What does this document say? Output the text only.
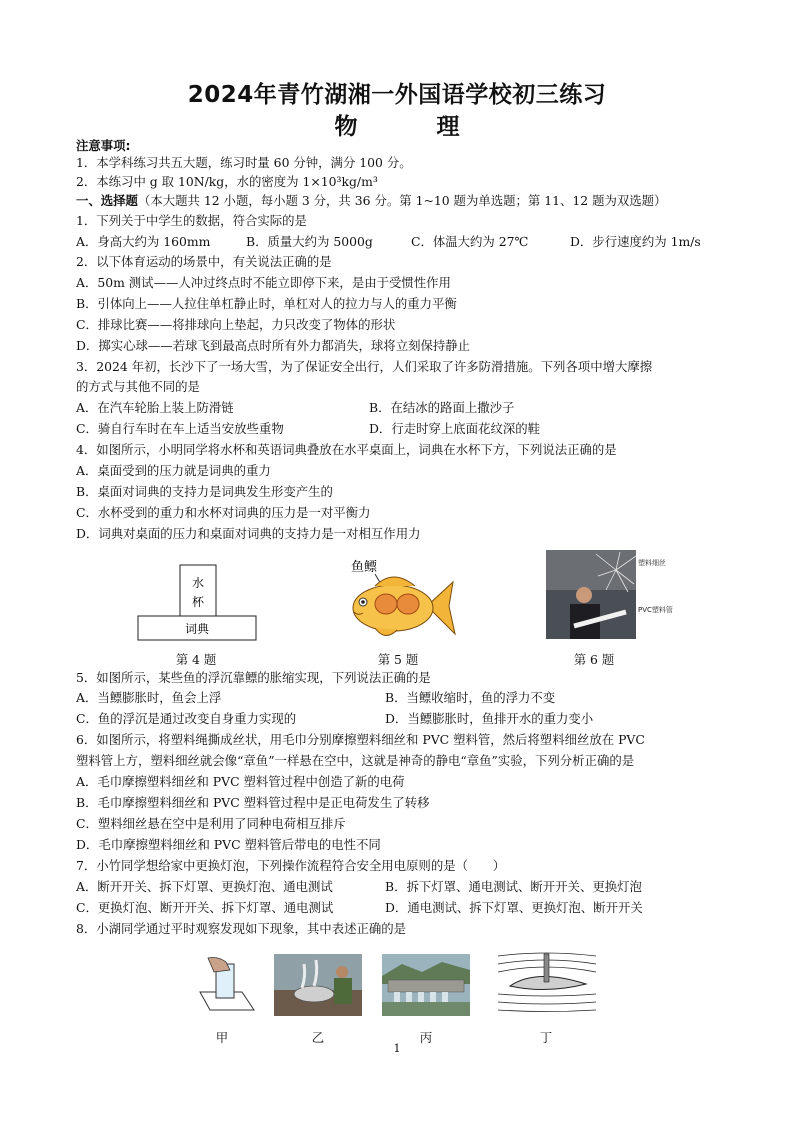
2024年青竹湖湘一外国语学校初三练习
物　理
注意事项:
1．本学科练习共五大题，练习时量 60 分钟，满分 100 分。
2．本练习中 g 取 10N/kg，水的密度为 1×10³kg/m³
一、选择题（本大题共 12 小题，每小题 3 分，共 36 分。第 1~10 题为单选题；第 11、12 题为双选题）
1．下列关于中学生的数据，符合实际的是
A．身高大约为 160mm	B．质量大约为 5000g	C．体温大约为 27℃	D．步行速度约为 1m/s
2．以下体育运动的场景中，有关说法正确的是
A．50m 测试——人冲过终点时不能立即停下来，是由于受惯性作用
B．引体向上——人拉住单杠静止时，单杠对人的拉力与人的重力平衡
C．排球比赛——将排球向上垫起，力只改变了物体的形状
D．掷实心球——若球飞到最高点时所有外力都消失，球将立刻保持静止
3．2024 年初，长沙下了一场大雪，为了保证安全出行，人们采取了许多防滑措施。下列各项中增大摩擦
的方式与其他不同的是
A．在汽车轮胎上装上防滑链	B．在结冰的路面上撒沙子
C．骑自行车时在车上适当安放些重物	D．行走时穿上底面花纹深的鞋
4．如图所示，小明同学将水杯和英语词典叠放在水平桌面上，词典在水杯下方，下列说法正确的是
A．桌面受到的压力就是词典的重力
B．桌面对词典的支持力是词典发生形变产生的
C．水杯受到的重力和水杯对词典的压力是一对平衡力
D．词典对桌面的压力和桌面对词典的支持力是一对相互作用力
水
杯
词典
鱼鳔	塑料细丝
PVC塑料管
第 4 题	第 5 题	第 6 题
5．如图所示，某些鱼的浮沉靠鳔的胀缩实现，下列说法正确的是
A．当鳔膨胀时，鱼会上浮	B．当鳔收缩时，鱼的浮力不变
C．鱼的浮沉是通过改变自身重力实现的	D．当鳔膨胀时，鱼排开水的重力变小
6．如图所示，将塑料绳撕成丝状，用毛巾分别摩擦塑料细丝和 PVC 塑料管，然后将塑料细丝放在 PVC
塑料管上方，塑料细丝就会像“章鱼”一样悬在空中，这就是神奇的静电“章鱼”实验，下列分析正确的是
A．毛巾摩擦塑料细丝和 PVC 塑料管过程中创造了新的电荷
B．毛巾摩擦塑料细丝和 PVC 塑料管过程中是正电荷发生了转移
C．塑料细丝悬在空中是利用了同种电荷相互排斥
D．毛巾摩擦塑料细丝和 PVC 塑料管后带电的电性不同
7．小竹同学想给家中更换灯泡，下列操作流程符合安全用电原则的是（　　）
A．断开开关、拆下灯罩、更换灯泡、通电测试	B．拆下灯罩、通电测试、断开开关、更换灯泡
C．更换灯泡、断开开关、拆下灯罩、通电测试	D．通电测试、拆下灯罩、更换灯泡、断开开关
8．小湖同学通过平时观察发现如下现象，其中表述正确的是
甲	乙	丙	丁
1
